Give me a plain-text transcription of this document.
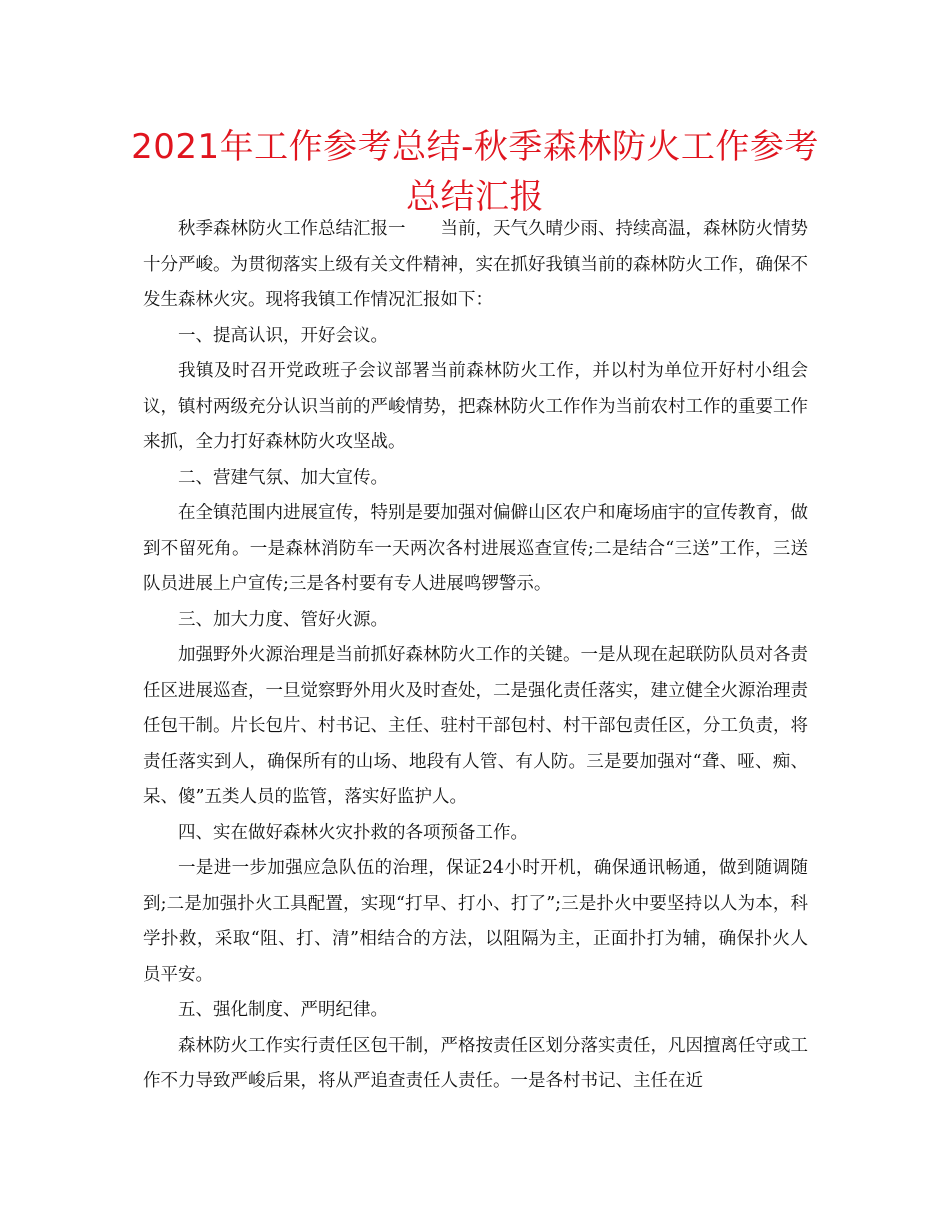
2021年工作参考总结-秋季森林防火工作参考总结汇报

秋季森林防火工作总结汇报一　　当前，天气久晴少雨、持续高温，森林防火情势十分严峻。为贯彻落实上级有关文件精神，实在抓好我镇当前的森林防火工作，确保不发生森林火灾。现将我镇工作情况汇报如下：

一、提高认识，开好会议。

我镇及时召开党政班子会议部署当前森林防火工作，并以村为单位开好村小组会议，镇村两级充分认识当前的严峻情势，把森林防火工作作为当前农村工作的重要工作来抓，全力打好森林防火攻坚战。

二、营建气氛、加大宣传。

在全镇范围内进展宣传，特别是要加强对偏僻山区农户和庵场庙宇的宣传教育，做到不留死角。一是森林消防车一天两次各村进展巡查宣传;二是结合“三送”工作，三送队员进展上户宣传;三是各村要有专人进展鸣锣警示。

三、加大力度、管好火源。

加强野外火源治理是当前抓好森林防火工作的关键。一是从现在起联防队员对各责任区进展巡查，一旦觉察野外用火及时查处，二是强化责任落实，建立健全火源治理责任包干制。片长包片、村书记、主任、驻村干部包村、村干部包责任区，分工负责，将责任落实到人，确保所有的山场、地段有人管、有人防。三是要加强对“聋、哑、痴、呆、傻”五类人员的监管，落实好监护人。

四、实在做好森林火灾扑救的各项预备工作。

一是进一步加强应急队伍的治理，保证24小时开机，确保通讯畅通，做到随调随到;二是加强扑火工具配置，实现“打早、打小、打了”;三是扑火中要坚持以人为本，科学扑救，采取“阻、打、清”相结合的方法，以阻隔为主，正面扑打为辅，确保扑火人员平安。

五、强化制度、严明纪律。

森林防火工作实行责任区包干制，严格按责任区划分落实责任，凡因擅离任守或工作不力导致严峻后果，将从严追查责任人责任。一是各村书记、主任在近
